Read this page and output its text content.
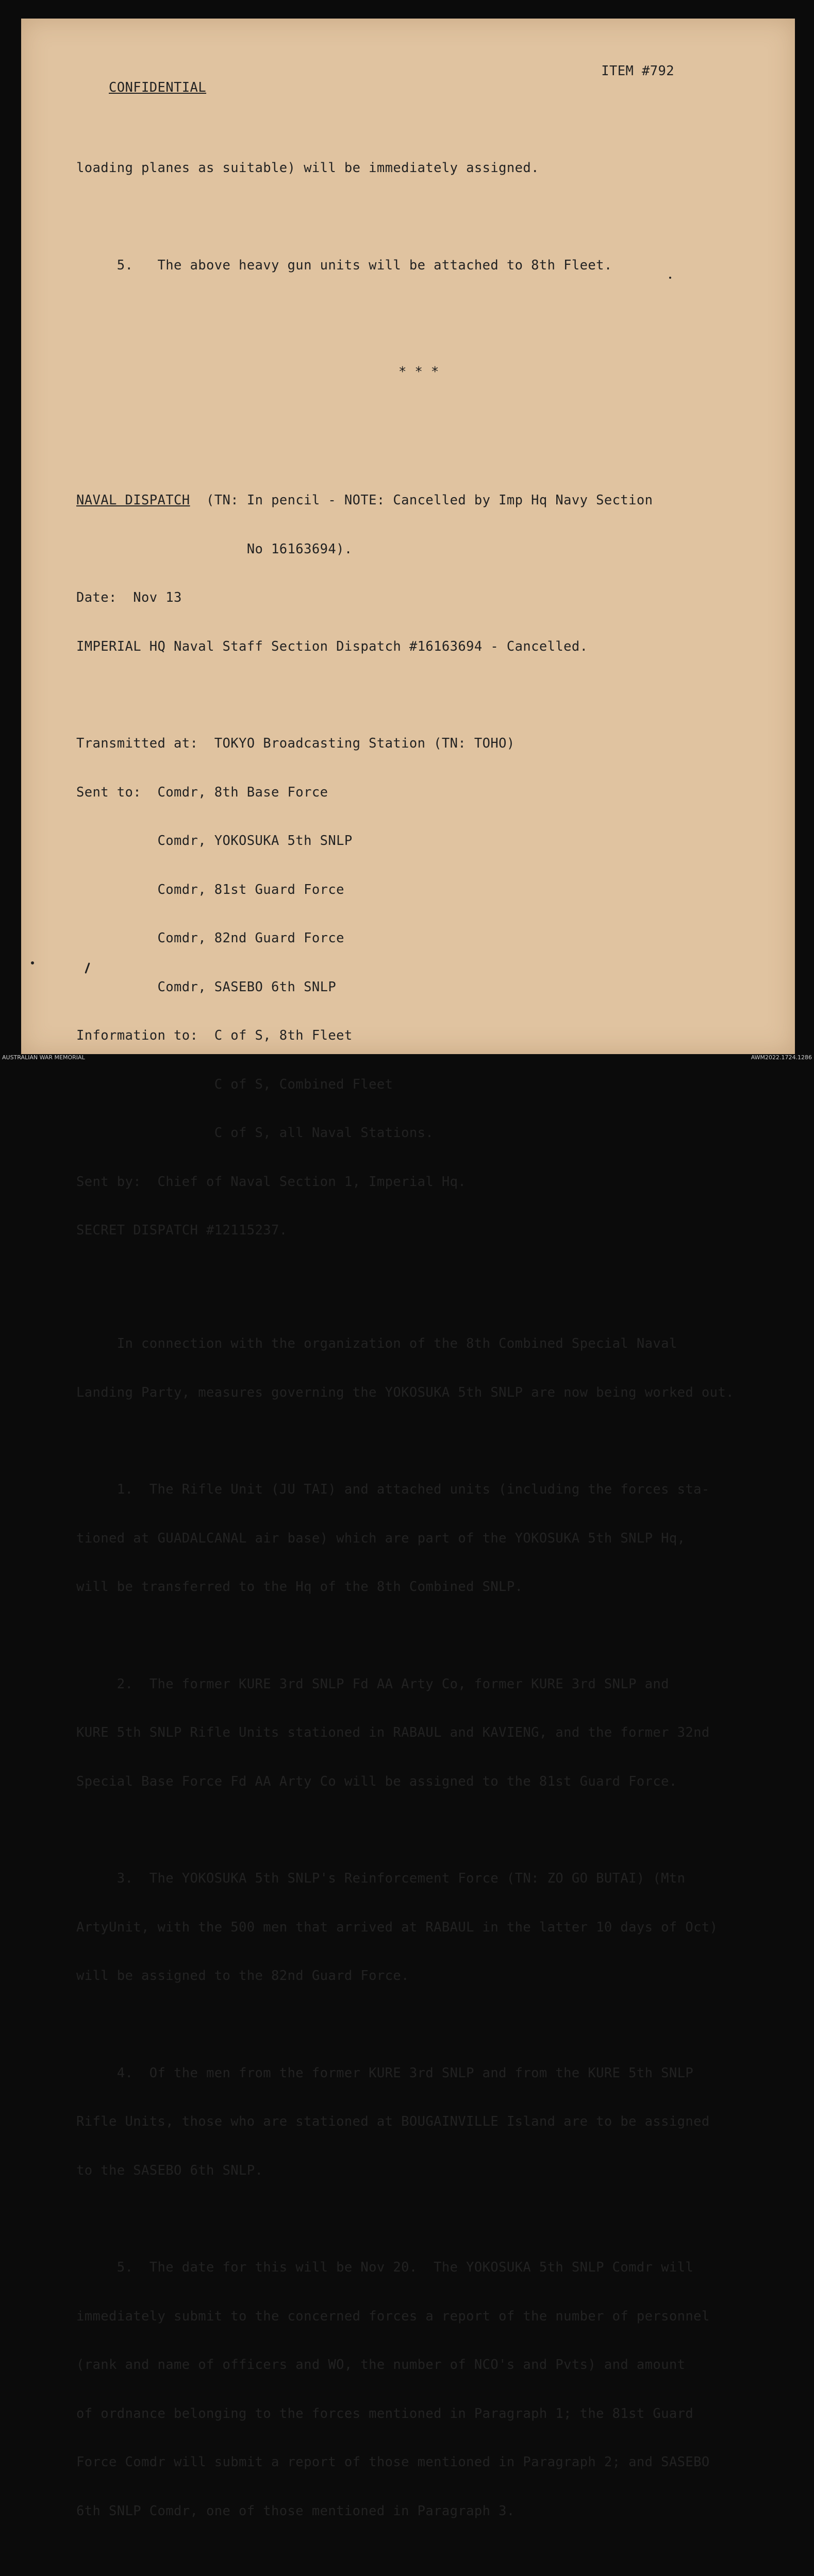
CONFIDENTIAL

ITEM #792

loading planes as suitable) will be immediately assigned.

5.   The above heavy gun units will be attached to 8th Fleet.

* * *

NAVAL DISPATCH  (TN: In pencil - NOTE: Cancelled by Imp Hq Navy Section

No 16163694).

Date:  Nov 13

IMPERIAL HQ Naval Staff Section Dispatch #16163694 - Cancelled.

Transmitted at:  TOKYO Broadcasting Station (TN: TOHO)

Sent to:  Comdr, 8th Base Force

Comdr, YOKOSUKA 5th SNLP

Comdr, 81st Guard Force

Comdr, 82nd Guard Force

Comdr, SASEBO 6th SNLP

Information to:  C of S, 8th Fleet

C of S, Combined Fleet

C of S, all Naval Stations.

Sent by:  Chief of Naval Section 1, Imperial Hq.

SECRET DISPATCH #12115237.

In connection with the organization of the 8th Combined Special Naval

Landing Party, measures governing the YOKOSUKA 5th SNLP are now being worked out.

1.  The Rifle Unit (JU TAI) and attached units (including the forces sta-

tioned at GUADALCANAL air base) which are part of the YOKOSUKA 5th SNLP Hq,

will be transferred to the Hq of the 8th Combined SNLP.

2.  The former KURE 3rd SNLP Fd AA Arty Co, former KURE 3rd SNLP and

KURE 5th SNLP Rifle Units stationed in RABAUL and KAVIENG, and the former 32nd

Special Base Force Fd AA Arty Co will be assigned to the 81st Guard Force.

3.  The YOKOSUKA 5th SNLP's Reinforcement Force (TN: ZO GO BUTAI) (Mtn

ArtyUnit, with the 500 men that arrived at RABAUL in the latter 10 days of Oct)

will be assigned to the 82nd Guard Force.

4.  Of the men from the former KURE 3rd SNLP and from the KURE 5th SNLP

Rifle Units, those who are stationed at BOUGAINVILLE Island are to be assigned

to the SASEBO 6th SNLP.

5.  The date for this will be Nov 20.  The YOKOSUKA 5th SNLP Comdr will

immediately submit to the concerned forces a report of the number of personnel

(rank and name of officers and WO, the number of NCO's and Pvts) and amount

of ordnance belonging to the forces mentioned in Paragraph 1; the 81st Guard

Force Comdr will submit a report of those mentioned in Paragraph 2; and SASEBO

6th SNLP Comdr, one of those mentioned in Paragraph 3.

AUSTRALIAN WAR MEMORIAL	AWM2022.1724.1286
